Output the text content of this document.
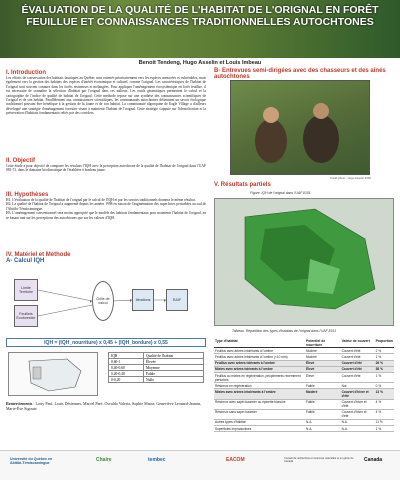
ÉVALUATION DE LA QUALITÉ DE L'HABITAT DE L'ORIGNAL EN FORÊT FEUILLUE ET CONNAISSANCES TRADITIONNELLES AUTOCHTONES
Benoit Tendeng, Hugo Asselin et Louis Imbeau
I. Introduction
Les efforts de conservation des habitats fauniques au Québec sont orientés prioritairement vers les espèces menacées et vulnérables, mais également vers la gestion des habitats des espèces d'intérêt économique et culturel, comme l'orignal. Les caractéristiques de l'habitat de l'orignal sont souvent connues dans les forêts résineuses et mélangées. Pour appliquer l'aménagement écosystémique en forêt feuillue, il est nécessaire de connaître la sélection d'habitat par l'orignal dans ces milieux. Les outils géomatiques permettent le calcul et la cartographie de l'indice de qualité de habitat de l'orignal. Cette méthode repose sur une synthèse des connaissances scientifiques de l'orignal et de son habitat. Parallèlement aux connaissances scientifiques, les communautés autochtones détiennent un savoir écologique traditionnel pouvant être bénéfique à la gestion de la faune et de son habitat. La communauté algonquine de Eagle Village a d'ailleurs développé une stratégie d'aménagement forestier visant à maintenir l'habitat de l'orignal. Cette stratégie s'appuie sur l'identification et la préservation d'habitats fondamentaux reliés par des corridors.
II. Objectif
Cette étude a pour objectif de comparer les résultats l'IQH avec la perception autochtone de la qualité de l'habitat de l'orignal dans l'UAF 081-51, dans le domaine bioclimatique de l'érablière à bouleau jaune.
III. Hypothèses
H1. L'évaluation de la qualité de l'habitat de l'orignal par le calcul de l'IQH et par les savoirs traditionnels donnera le même résultat.
H2. La qualité de l'habitat de l'orignal a augmenté depuis les années 1998 en raison de l'augmentation des superficies perturbées au sud de l'Abitibi-Témiscamingue.
H3. L'aménagement conventionnel sera moins approprié que le modèle des habitats fondamentaux pour maintenir l'habitat de l'orignal, en se basant tant sur les perceptions des autochtones que sur les valeurs d'IQH.
IV. Matériel et Méthode
A- Calcul IQH
Limite Territoire
Feuillets Écoforestier
Grille de calcul
Itérations	RAIF
IQH = (IQH_nourriture) x 0,45 + (IQH_bordure) x 0,55
IQH	Qualité de l'habitat
0,60-1	Élevée
0,40-0,60	Moyenne
0,20-0,40	Faible
0-0,20	Nulle
Remerciements : Larry Paul, Louis Désiennes, Marcel Paré, Osvaldo Valeria, Sophie Masse, Geneviève Leonard-Jasmin, Marie-Ève Sigouin
B- Entrevues semi-dirigées avec des chasseurs et des aînés autochtones
Crédit photo : Hugo Asselin 2006
V. Résultats partiels
Figure. IQH de l'orignal dans l'UAF 8151
Tableau. Répartition des types d'habitats de l'orignal dans l'UAF 8151
Type d'habitat	Potentiel de nourriture	Valeur de couvert	Proportion
Feuillus avec arbres intolérants à l'ombre	Modéré	Couvert d'été	2 %
Feuillus avec arbres intolérants à l'ombre (<10 mm)	Modéré	Couvert d'été	1 %
Feuillus avec arbres tolérants à l'ombre	Élevé	Couvert d'été	26 %
Mixtes avec arbres tolérants à l'ombre	Élevé	Couvert d'été	38 %
Feuillus ou mixtes en régénération, peuplements récemment perturbés	Élevé	Couvert d'été	1 %
Résineux en régénération	Faible	Nul	0 %
Mixtes avec arbres intolérants à l'ombre	Modéré	Couvert d'hiver et d'été	13 %
Résineux avec sapin baumier ou épinette blanche	Faible	Couvert d'hiver et d'été	4 %
Résineux sans sapin baumier	Faible	Couvert d'hiver et d'été	4 %
Autres types d'habitat	N.A.	N.A.	11 %
Superficies improductives	N.A.	N.A.	1 %
Université du Québec en Abitibi-Témiscamingue	Chaire	tembec	EACOM	Conseil de recherches en sciences naturelles et en génie du Canada	Canada
